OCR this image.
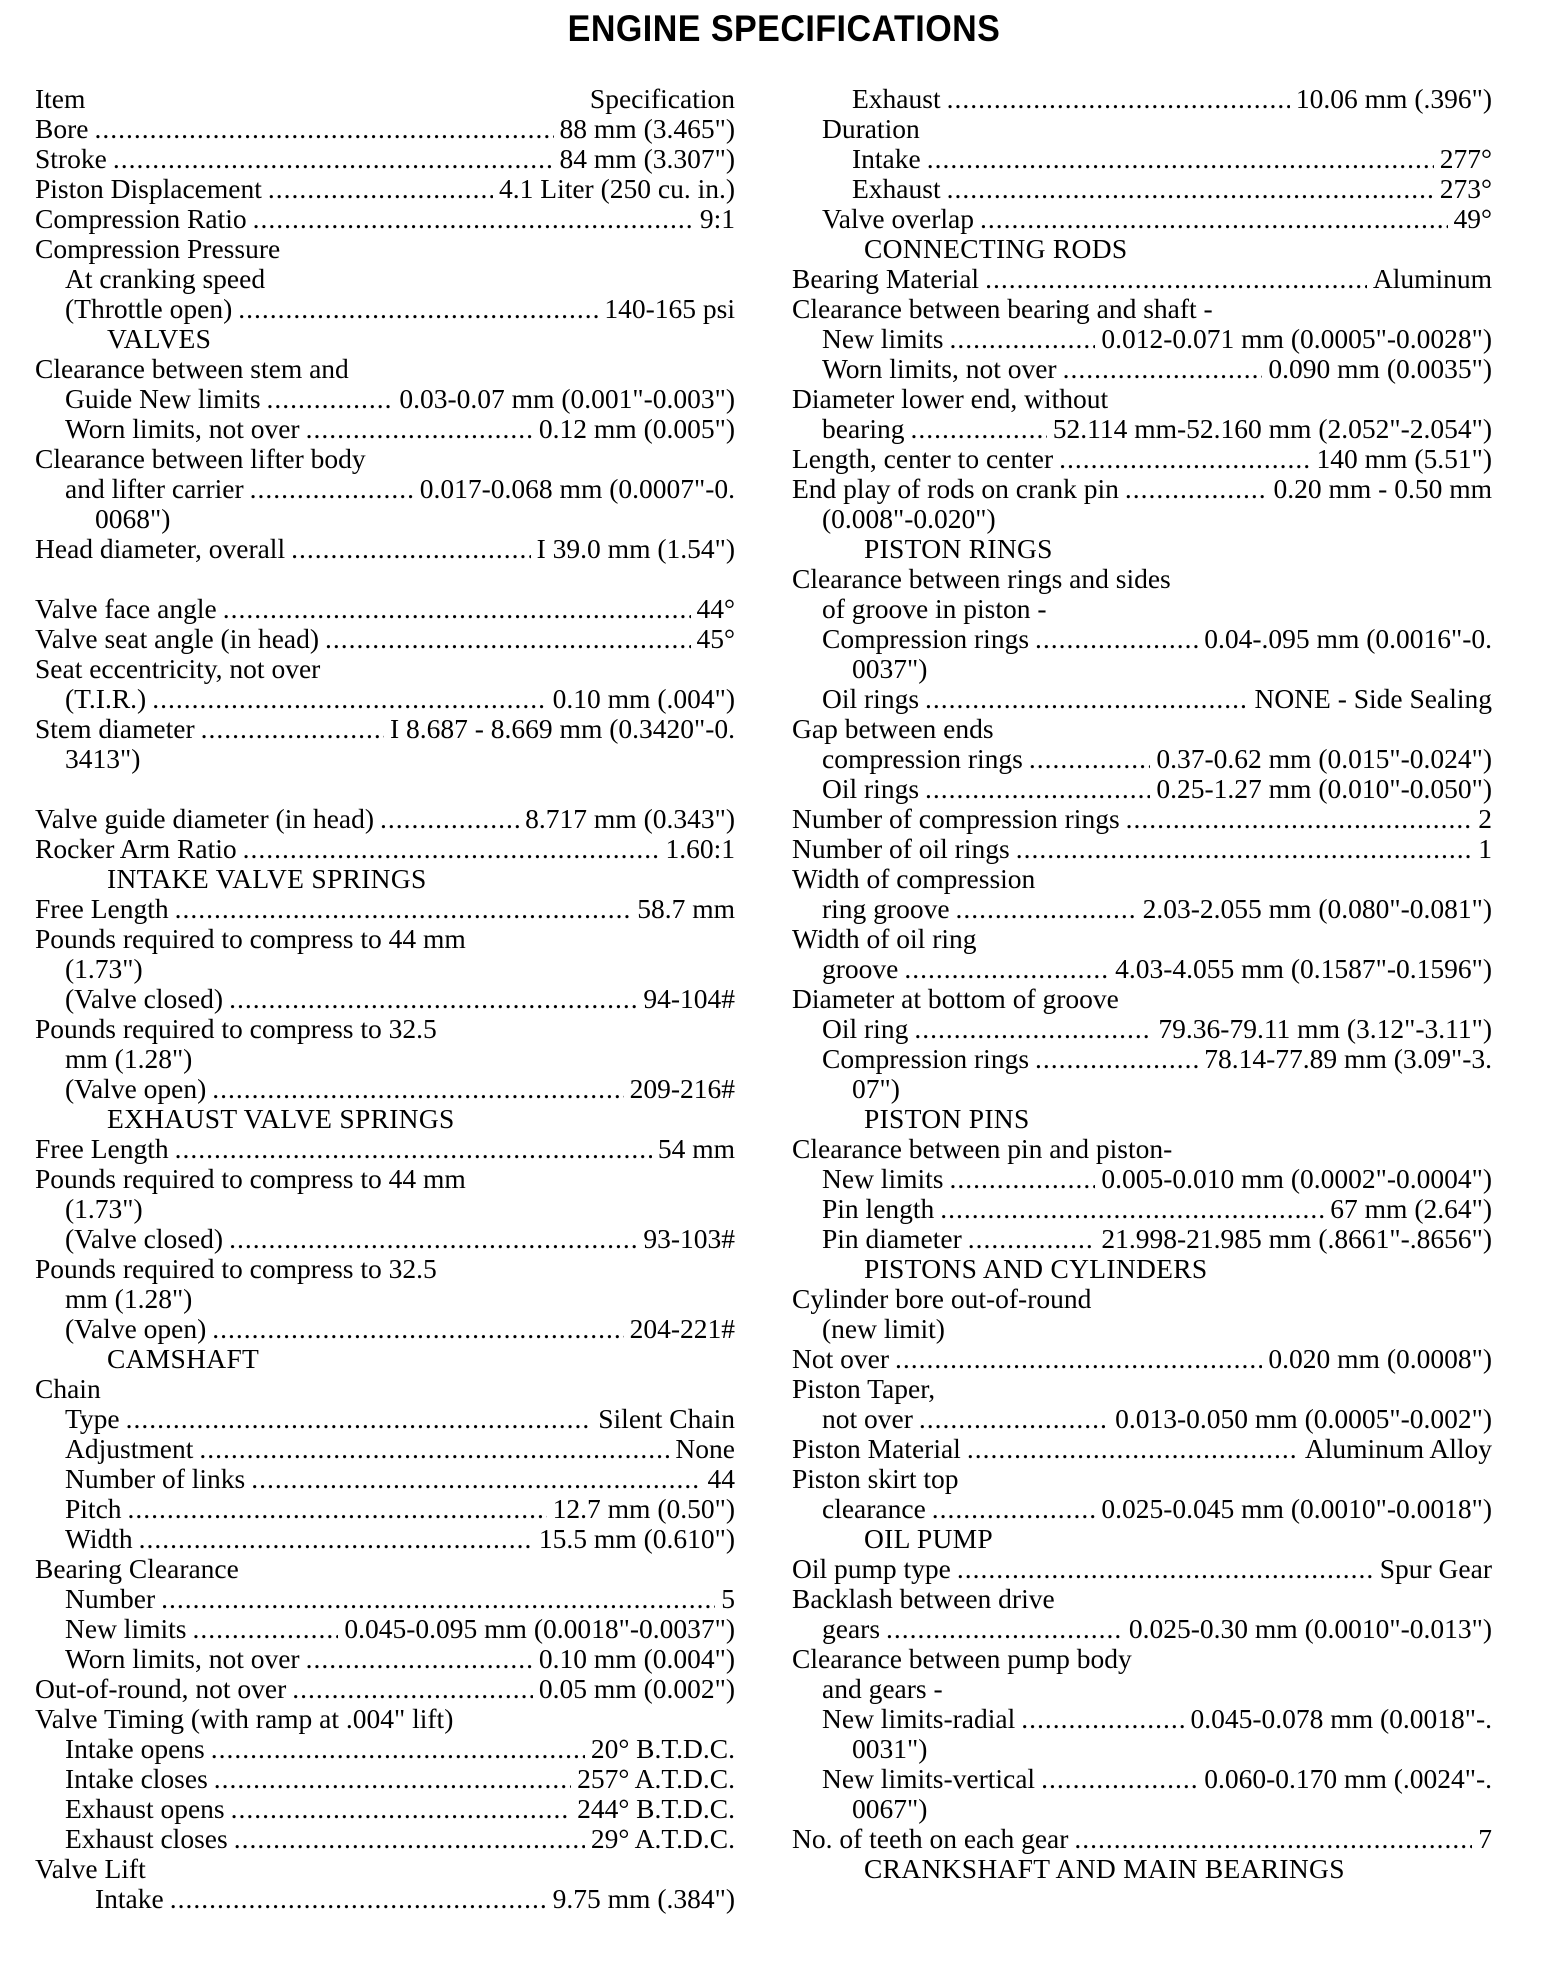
ENGINE SPECIFICATIONS
Item	Specification
Bore .....	88 mm (3.465")
Stroke .....	84 mm (3.307")
Piston Displacement .....	4.1 Liter (250 cu. in.)
Compression Ratio .....	9:1
Compression Pressure
At cranking speed
(Throttle open) .....	140-165 psi
VALVES
Clearance between stem and
Guide New limits .....	0.03-0.07 mm (0.001"-0.003")
Worn limits, not over .....	0.12 mm (0.005")
Clearance between lifter body
and lifter carrier .....	0.017-0.068 mm (0.0007"-0.
0068")
Head diameter, overall .....	I 39.0 mm (1.54")
Valve face angle .....	44°
Valve seat angle (in head) .....	45°
Seat eccentricity, not over
(T.I.R.) .....	0.10 mm (.004")
Stem diameter .....	I 8.687 - 8.669 mm (0.3420"-0.
3413")
Valve guide diameter (in head) .....	8.717 mm (0.343")
Rocker Arm Ratio .....	1.60:1
INTAKE VALVE SPRINGS
Free Length .....	58.7 mm
Pounds required to compress to 44 mm
(1.73")
(Valve closed) .....	94-104#
Pounds required to compress to 32.5
mm (1.28")
(Valve open) .....	209-216#
EXHAUST VALVE SPRINGS
Free Length .....	54 mm
Pounds required to compress to 44 mm
(1.73")
(Valve closed) .....	93-103#
Pounds required to compress to 32.5
mm (1.28")
(Valve open) .....	204-221#
CAMSHAFT
Chain
Type .....	Silent Chain
Adjustment .....	None
Number of links .....	44
Pitch .....	12.7 mm (0.50")
Width .....	15.5 mm (0.610")
Bearing Clearance
Number .....	5
New limits .....	0.045-0.095 mm (0.0018"-0.0037")
Worn limits, not over .....	0.10 mm (0.004")
Out-of-round, not over .....	0.05 mm (0.002")
Valve Timing (with ramp at .004" lift)
Intake opens .....	20° B.T.D.C.
Intake closes .....	257° A.T.D.C.
Exhaust opens .....	244° B.T.D.C.
Exhaust closes .....	29° A.T.D.C.
Valve Lift
Intake .....	9.75 mm (.384")
Exhaust .....	10.06 mm (.396")
Duration
Intake .....	277°
Exhaust .....	273°
Valve overlap .....	49°
CONNECTING RODS
Bearing Material .....	Aluminum
Clearance between bearing and shaft -
New limits .....	0.012-0.071 mm (0.0005"-0.0028")
Worn limits, not over .....	0.090 mm (0.0035")
Diameter lower end, without
bearing .....	52.114 mm-52.160 mm (2.052"-2.054")
Length, center to center .....	140 mm (5.51")
End play of rods on crank pin .....	0.20 mm - 0.50 mm
(0.008"-0.020")
PISTON RINGS
Clearance between rings and sides
of groove in piston -
Compression rings .....	0.04-.095 mm (0.0016"-0.
0037")
Oil rings .....	NONE - Side Sealing
Gap between ends
compression rings .....	0.37-0.62 mm (0.015"-0.024")
Oil rings .....	0.25-1.27 mm (0.010"-0.050")
Number of compression rings .....	2
Number of oil rings .....	1
Width of compression
ring groove .....	2.03-2.055 mm (0.080"-0.081")
Width of oil ring
groove .....	4.03-4.055 mm (0.1587"-0.1596")
Diameter at bottom of groove
Oil ring .....	79.36-79.11 mm (3.12"-3.11")
Compression rings .....	78.14-77.89 mm (3.09"-3.
07")
PISTON PINS
Clearance between pin and piston-
New limits .....	0.005-0.010 mm (0.0002"-0.0004")
Pin length .....	67 mm (2.64")
Pin diameter .....	21.998-21.985 mm (.8661"-.8656")
PISTONS AND CYLINDERS
Cylinder bore out-of-round
(new limit)
Not over .....	0.020 mm (0.0008")
Piston Taper,
not over .....	0.013-0.050 mm (0.0005"-0.002")
Piston Material .....	Aluminum Alloy
Piston skirt top
clearance .....	0.025-0.045 mm (0.0010"-0.0018")
OIL PUMP
Oil pump type .....	Spur Gear
Backlash between drive
gears .....	0.025-0.30 mm (0.0010"-0.013")
Clearance between pump body
and gears -
New limits-radial .....	0.045-0.078 mm (0.0018"-.
0031")
New limits-vertical .....	0.060-0.170 mm (.0024"-.
0067")
No. of teeth on each gear .....	7
CRANKSHAFT AND MAIN BEARINGS
